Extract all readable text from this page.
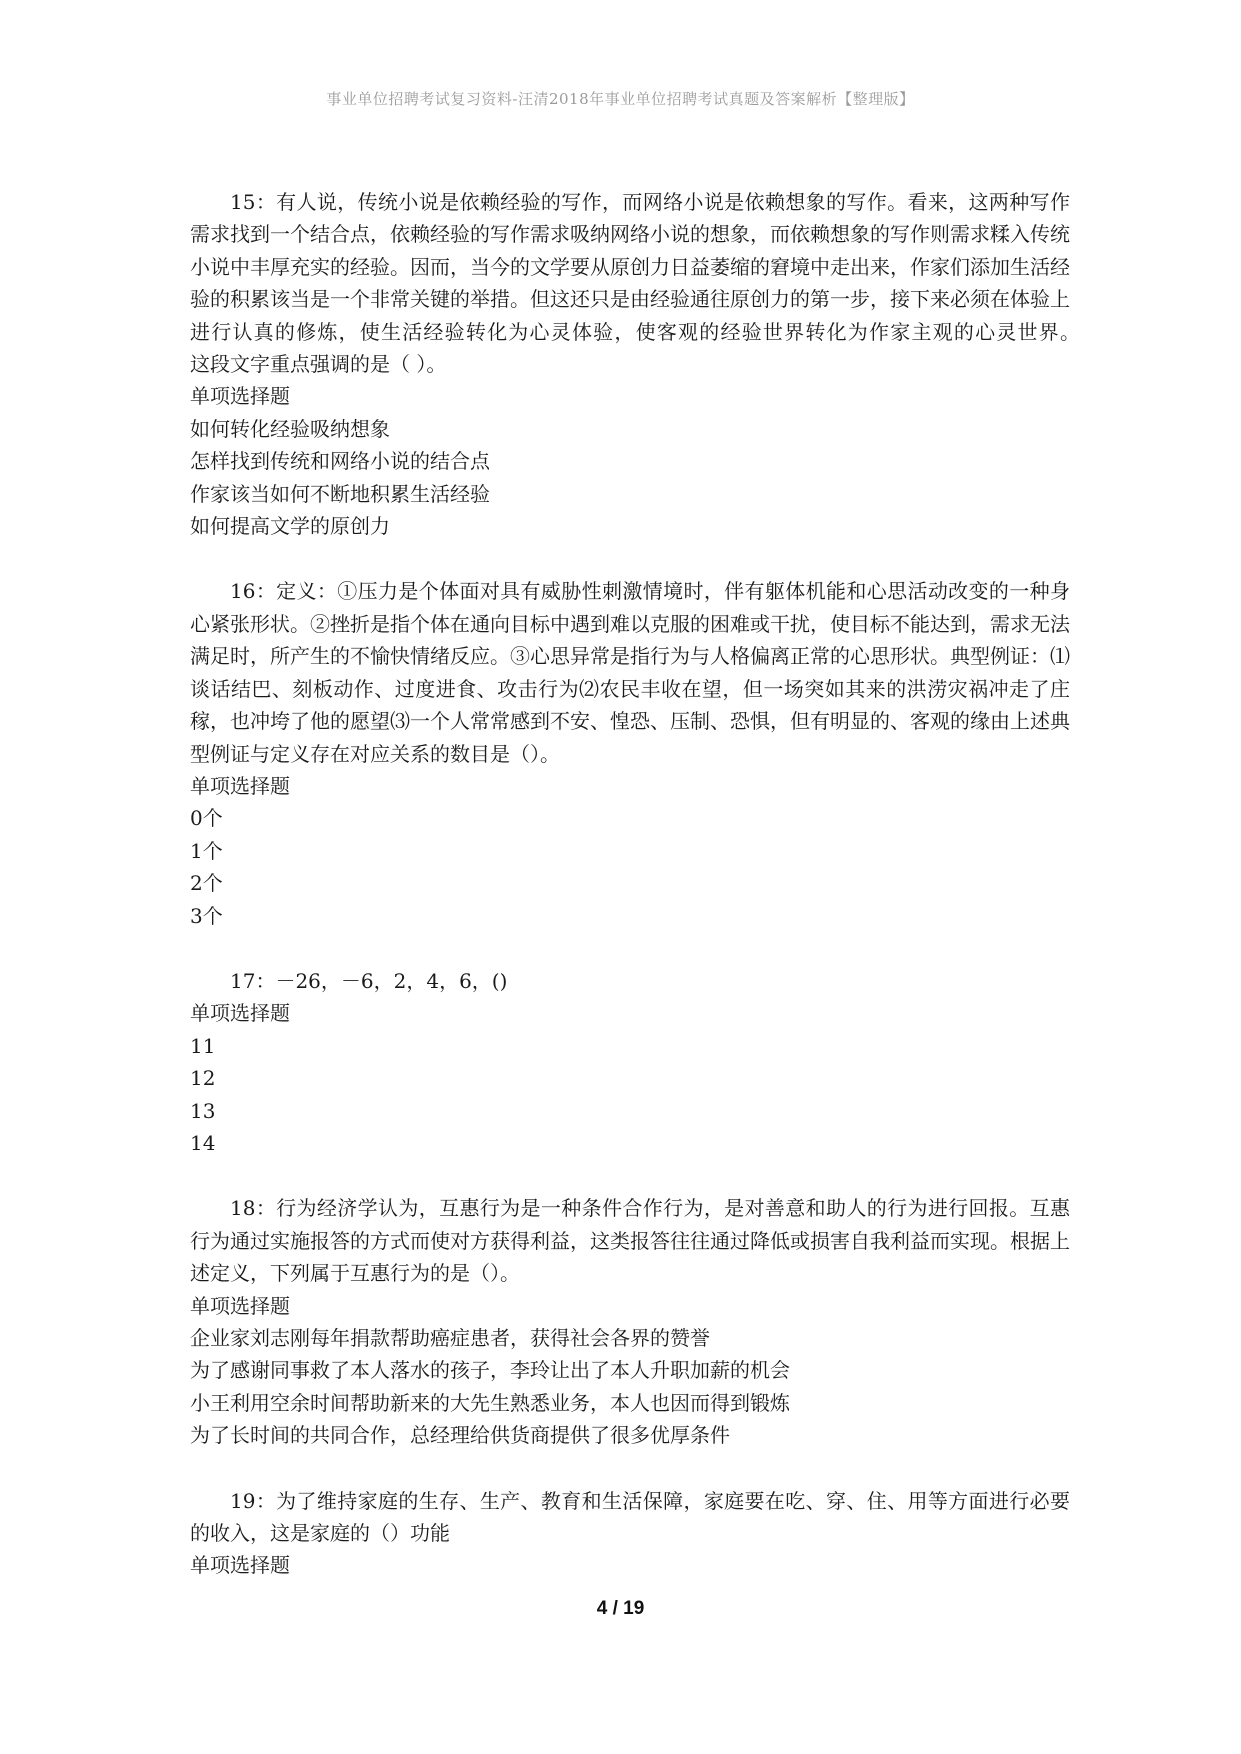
事业单位招聘考试复习资料-汪清2018年事业单位招聘考试真题及答案解析【整理版】

15：有人说，传统小说是依赖经验的写作，而网络小说是依赖想象的写作。看来，这两种写作需求找到一个结合点，依赖经验的写作需求吸纳网络小说的想象，而依赖想象的写作则需求糅入传统小说中丰厚充实的经验。因而，当今的文学要从原创力日益萎缩的窘境中走出来，作家们添加生活经验的积累该当是一个非常关键的举措。但这还只是由经验通往原创力的第一步，接下来必须在体验上进行认真的修炼，使生活经验转化为心灵体验，使客观的经验世界转化为作家主观的心灵世界。　　这段文字重点强调的是（ ）。

单项选择题

如何转化经验吸纳想象

怎样找到传统和网络小说的结合点

作家该当如何不断地积累生活经验

如何提高文学的原创力

16：定义：①压力是个体面对具有威胁性刺激情境时，伴有躯体机能和心思活动改变的一种身心紧张形状。②挫折是指个体在通向目标中遇到难以克服的困难或干扰，使目标不能达到，需求无法满足时，所产生的不愉快情绪反应。③心思异常是指行为与人格偏离正常的心思形状。典型例证：⑴谈话结巴、刻板动作、过度进食、攻击行为⑵农民丰收在望，但一场突如其来的洪涝灾祸冲走了庄稼，也冲垮了他的愿望⑶一个人常常感到不安、惶恐、压制、恐惧，但有明显的、客观的缘由上述典型例证与定义存在对应关系的数目是（）。

单项选择题

0个

1个

2个

3个

17：－26，－6，2，4，6，()

单项选择题

11

12

13

14

18：行为经济学认为，互惠行为是一种条件合作行为，是对善意和助人的行为进行回报。互惠行为通过实施报答的方式而使对方获得利益，这类报答往往通过降低或损害自我利益而实现。根据上述定义，下列属于互惠行为的是（）。

单项选择题

企业家刘志刚每年捐款帮助癌症患者，获得社会各界的赞誉

为了感谢同事救了本人落水的孩子，李玲让出了本人升职加薪的机会

小王利用空余时间帮助新来的大先生熟悉业务，本人也因而得到锻炼

为了长时间的共同合作，总经理给供货商提供了很多优厚条件

19：为了维持家庭的生存、生产、教育和生活保障，家庭要在吃、穿、住、用等方面进行必要的收入，这是家庭的（）功能

单项选择题

4 / 19
